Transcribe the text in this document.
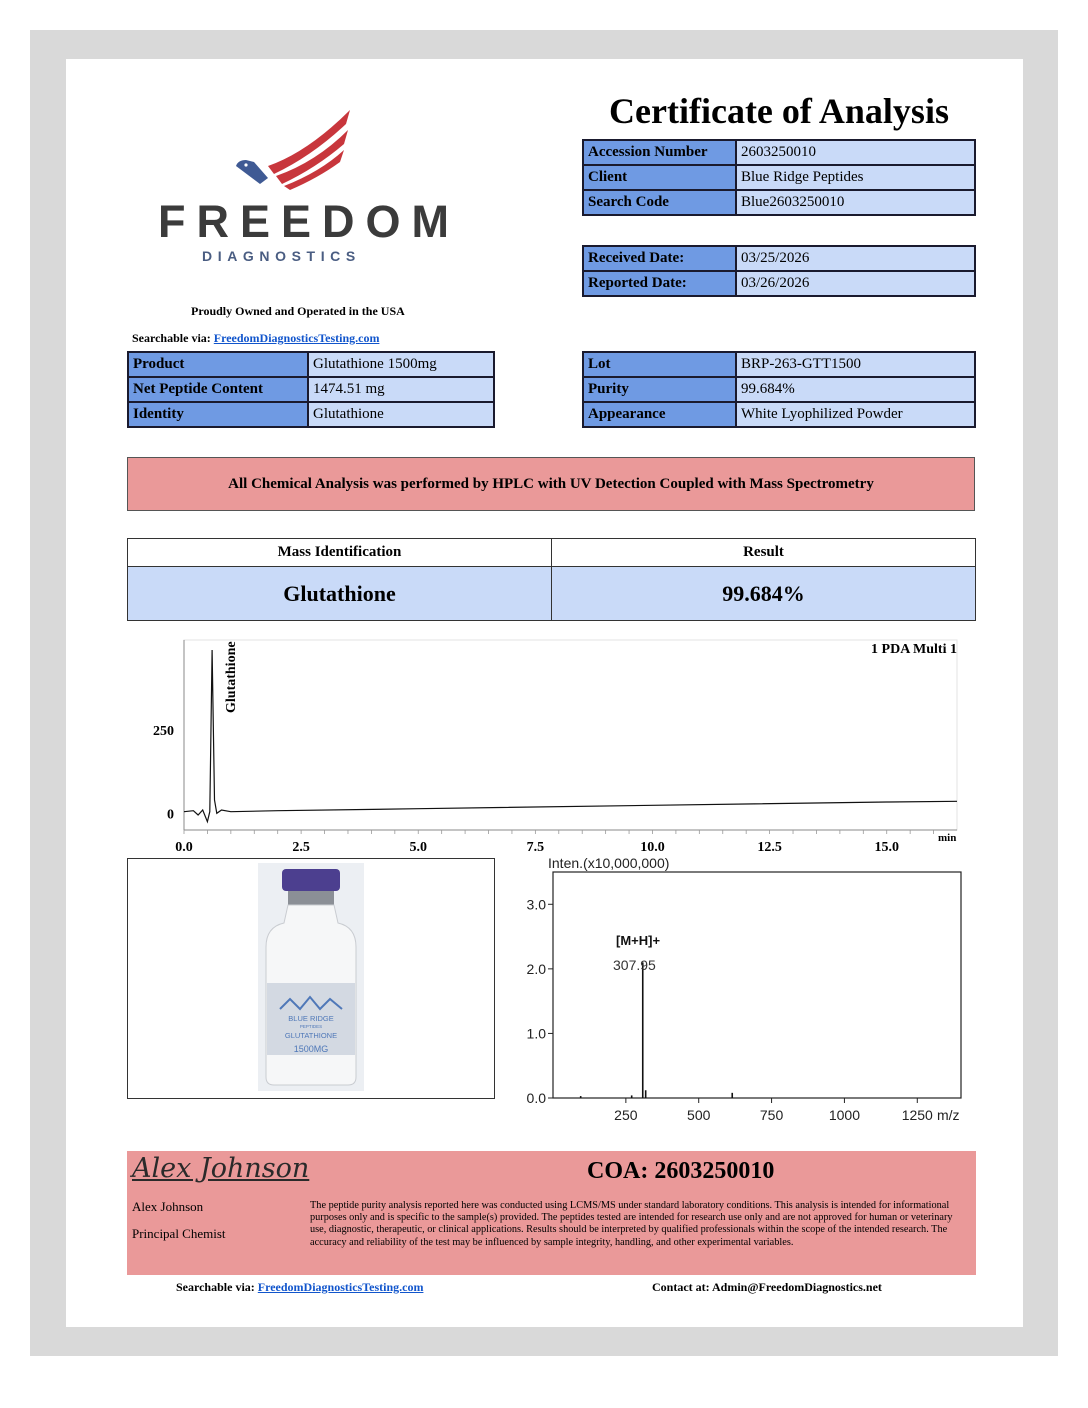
FREEDOM
DIAGNOSTICS
Proudly Owned and Operated in the USA
Searchable via: FreedomDiagnosticsTesting.com
Certificate of Analysis
Accession Number	2603250010
Client	Blue Ridge Peptides
Search Code	Blue2603250010
Received Date:	03/25/2026
Reported Date:	03/26/2026
Product	Glutathione 1500mg
Net Peptide Content	1474.51 mg
Identity	Glutathione
Lot	BRP-263-GTT1500
Purity	99.684%
Appearance	White Lyophilized Powder
All Chemical Analysis was performed by HPLC with UV Detection Coupled with Mass Spectrometry
Mass Identification	Result
Glutathione	99.684%
250
0
0.0	2.5	5.0	7.5	10.0	12.5	15.0
1 PDA Multi 1
min
Glutathione
BLUE RIDGE
PEPTIDES
GLUTATHIONE
1500MG
Inten.(x10,000,000)
3.0
2.0
1.0
0.0
250	500	750	1000	1250 m/z
[M+H]+
307.95
Alex Johnson	COA: 2603250010
Alex Johnson
Principal Chemist
The peptide purity analysis reported here was conducted using LCMS/MS under standard laboratory conditions. This analysis is intended for informational purposes only and is specific to the sample(s) provided. The peptides tested are intended for research use only and are not approved for human or veterinary use, diagnostic, therapeutic, or clinical applications. Results should be interpreted by qualified professionals within the scope of the intended research. The accuracy and reliability of the test may be influenced by sample integrity, handling, and other experimental variables.
Searchable via: FreedomDiagnosticsTesting.com	Contact at: Admin@FreedomDiagnostics.net
